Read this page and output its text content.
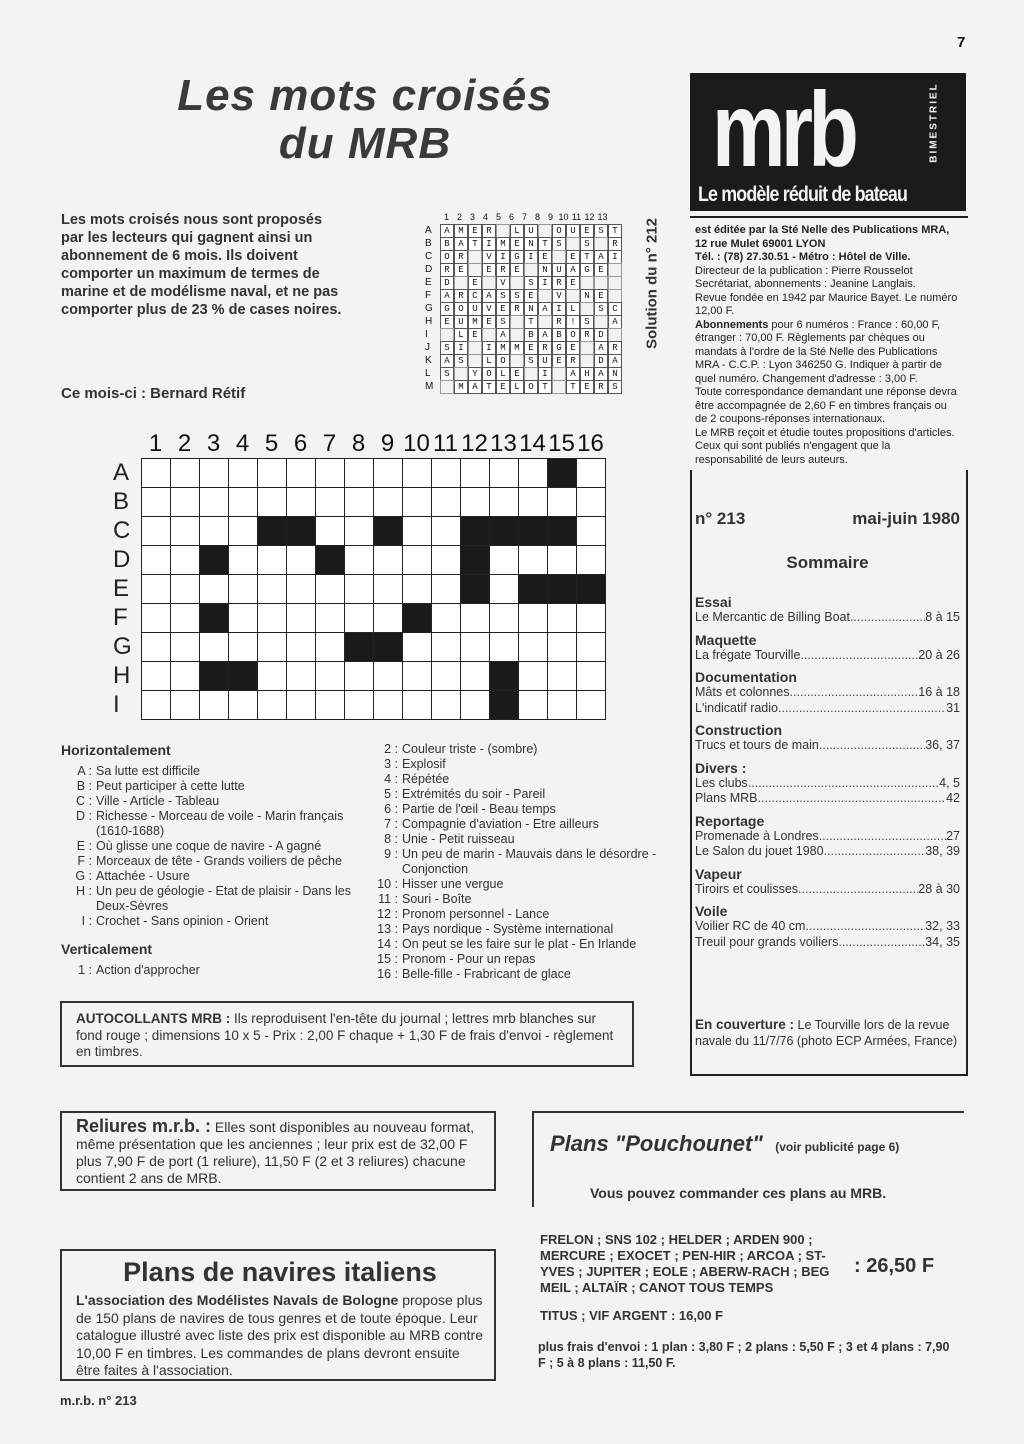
7
Les mots croisés
du MRB
Les mots croisés nous sont proposés par les lecteurs qui gagnent ainsi un abonnement de 6 mois. Ils doivent comporter un maximum de termes de marine et de modélisme naval, et ne pas comporter plus de 23 % de cases noires.
Ce mois-ci : Bernard Rétif
1 2 3 4 5 6 7 8 9 10 11 12 13
A	A M E R	L U	O U E S T
B	B A T I M E N T S	S	R
C	O R	V I G I E	E T A I
D	R E	E R E	N U A G E
E	D	E	V	S I R E
F	A R C A S S E	V	N E
G	G O U V E R N A I L	S C
H	E U M E S	T	R ! S	A
I	L E	A	B A B O R D
J	S I	I M M E R G E	A R
K	A S	L O	S U E R	D A
L	S	Y O L E	I	A H A N
M	M A T E L O T	T E R S
Solution du n° 212
1 2 3 4 5 6 7 8 9 10 11 12 13 14 15 16
A
B
C
D
E
F
G
H
I
Horizontalement
A : Sa lutte est difficile
B : Peut participer à cette lutte
C : Ville - Article - Tableau
D : Richesse - Morceau de voile - Marin français (1610-1688)
E : Où glisse une coque de navire - A gagné
F : Morceaux de tête - Grands voiliers de pêche
G : Attachée - Usure
H : Un peu de géologie - Etat de plaisir - Dans les Deux-Sèvres
I : Crochet - Sans opinion - Orient
Verticalement
1 : Action d'approcher
2 : Couleur triste - (sombre)
3 : Explosif
4 : Répétée
5 : Extrémités du soir - Pareil
6 : Partie de l'œil - Beau temps
7 : Compagnie d'aviation - Etre ailleurs
8 : Unie - Petit ruisseau
9 : Un peu de marin - Mauvais dans le désordre - Conjonction
10 : Hisser une vergue
11 : Souri - Boîte
12 : Pronom personnel - Lance
13 : Pays nordique - Système international
14 : On peut se les faire sur le plat - En Irlande
15 : Pronom - Pour un repas
16 : Belle-fille - Frabricant de glace
AUTOCOLLANTS MRB : Ils reproduisent l'en-tête du journal ; lettres mrb blanches sur fond rouge ; dimensions 10 x 5 - Prix : 2,00 F chaque + 1,30 F de frais d'envoi - règlement en timbres.
Reliures m.r.b. : Elles sont disponibles au nouveau format, même présentation que les anciennes ; leur prix est de 32,00 F plus 7,90 F de port (1 reliure), 11,50 F (2 et 3 reliures) chacune contient 2 ans de MRB.
Plans de navires italiens
L'association des Modélistes Navals de Bologne propose plus de 150 plans de navires de tous genres et de toute époque. Leur catalogue illustré avec liste des prix est disponible au MRB contre 10,00 F en timbres. Les commandes de plans devront ensuite être faites à l'association.
m.r.b. n° 213
Plans "Pouchounet" (voir publicité page 6)
Vous pouvez commander ces plans au MRB.
FRELON ; SNS 102 ; HELDER ; ARDEN 900 ; MERCURE ; EXOCET ; PEN-HIR ; ARCOA ; ST-YVES ; JUPITER ; EOLE ; ABERW-RACH ; BEG MEIL ; ALTAÏR ; CANOT TOUS TEMPS
: 26,50 F
TITUS ; VIF ARGENT : 16,00 F
plus frais d'envoi : 1 plan : 3,80 F ; 2 plans : 5,50 F ; 3 et 4 plans : 7,90 F ; 5 à 8 plans : 11,50 F.
mrb	BIMESTRIEL
Le modèle réduit de bateau
est éditée par la Sté Nelle des Publications MRA, 12 rue Mulet 69001 LYON
Tél. : (78) 27.30.51 - Métro : Hôtel de Ville.
Directeur de la publication : Pierre Rousselot
Secrétariat, abonnements : Jeanine Langlais.
Revue fondée en 1942 par Maurice Bayet. Le numéro 12,00 F.
Abonnements pour 6 numéros : France : 60,00 F, étranger : 70,00 F. Règlements par chèques ou mandats à l'ordre de la Sté Nelle des Publications MRA - C.C.P. : Lyon 346250 G. Indiquer à partir de quel numéro. Changement d'adresse : 3,00 F.
Toute correspondance demandant une réponse devra être accompagnée de 2,60 F en timbres français ou de 2 coupons-réponses internationaux.
Le MRB reçoit et étudie toutes propositions d'articles. Ceux qui sont publiés n'engagent que la responsabilité de leurs auteurs.
n° 213	mai-juin 1980
Sommaire
Essai
Le Mercantic de Billing Boat .....	8 à 15
Maquette
La frégate Tourville .....	20 à 26
Documentation
Mâts et colonnes .....	16 à 18
L'indicatif radio .....	31
Construction
Trucs et tours de main .....	36, 37
Divers :
Les clubs .....	4, 5
Plans MRB .....	42
Reportage
Promenade à Londres .....	27
Le Salon du jouet 1980 .....	38, 39
Vapeur
Tiroirs et coulisses .....	28 à 30
Voile
Voilier RC de 40 cm .....	32, 33
Treuil pour grands voiliers .....	34, 35
En couverture : Le Tourville lors de la revue navale du 11/7/76 (photo ECP Armées, France)
